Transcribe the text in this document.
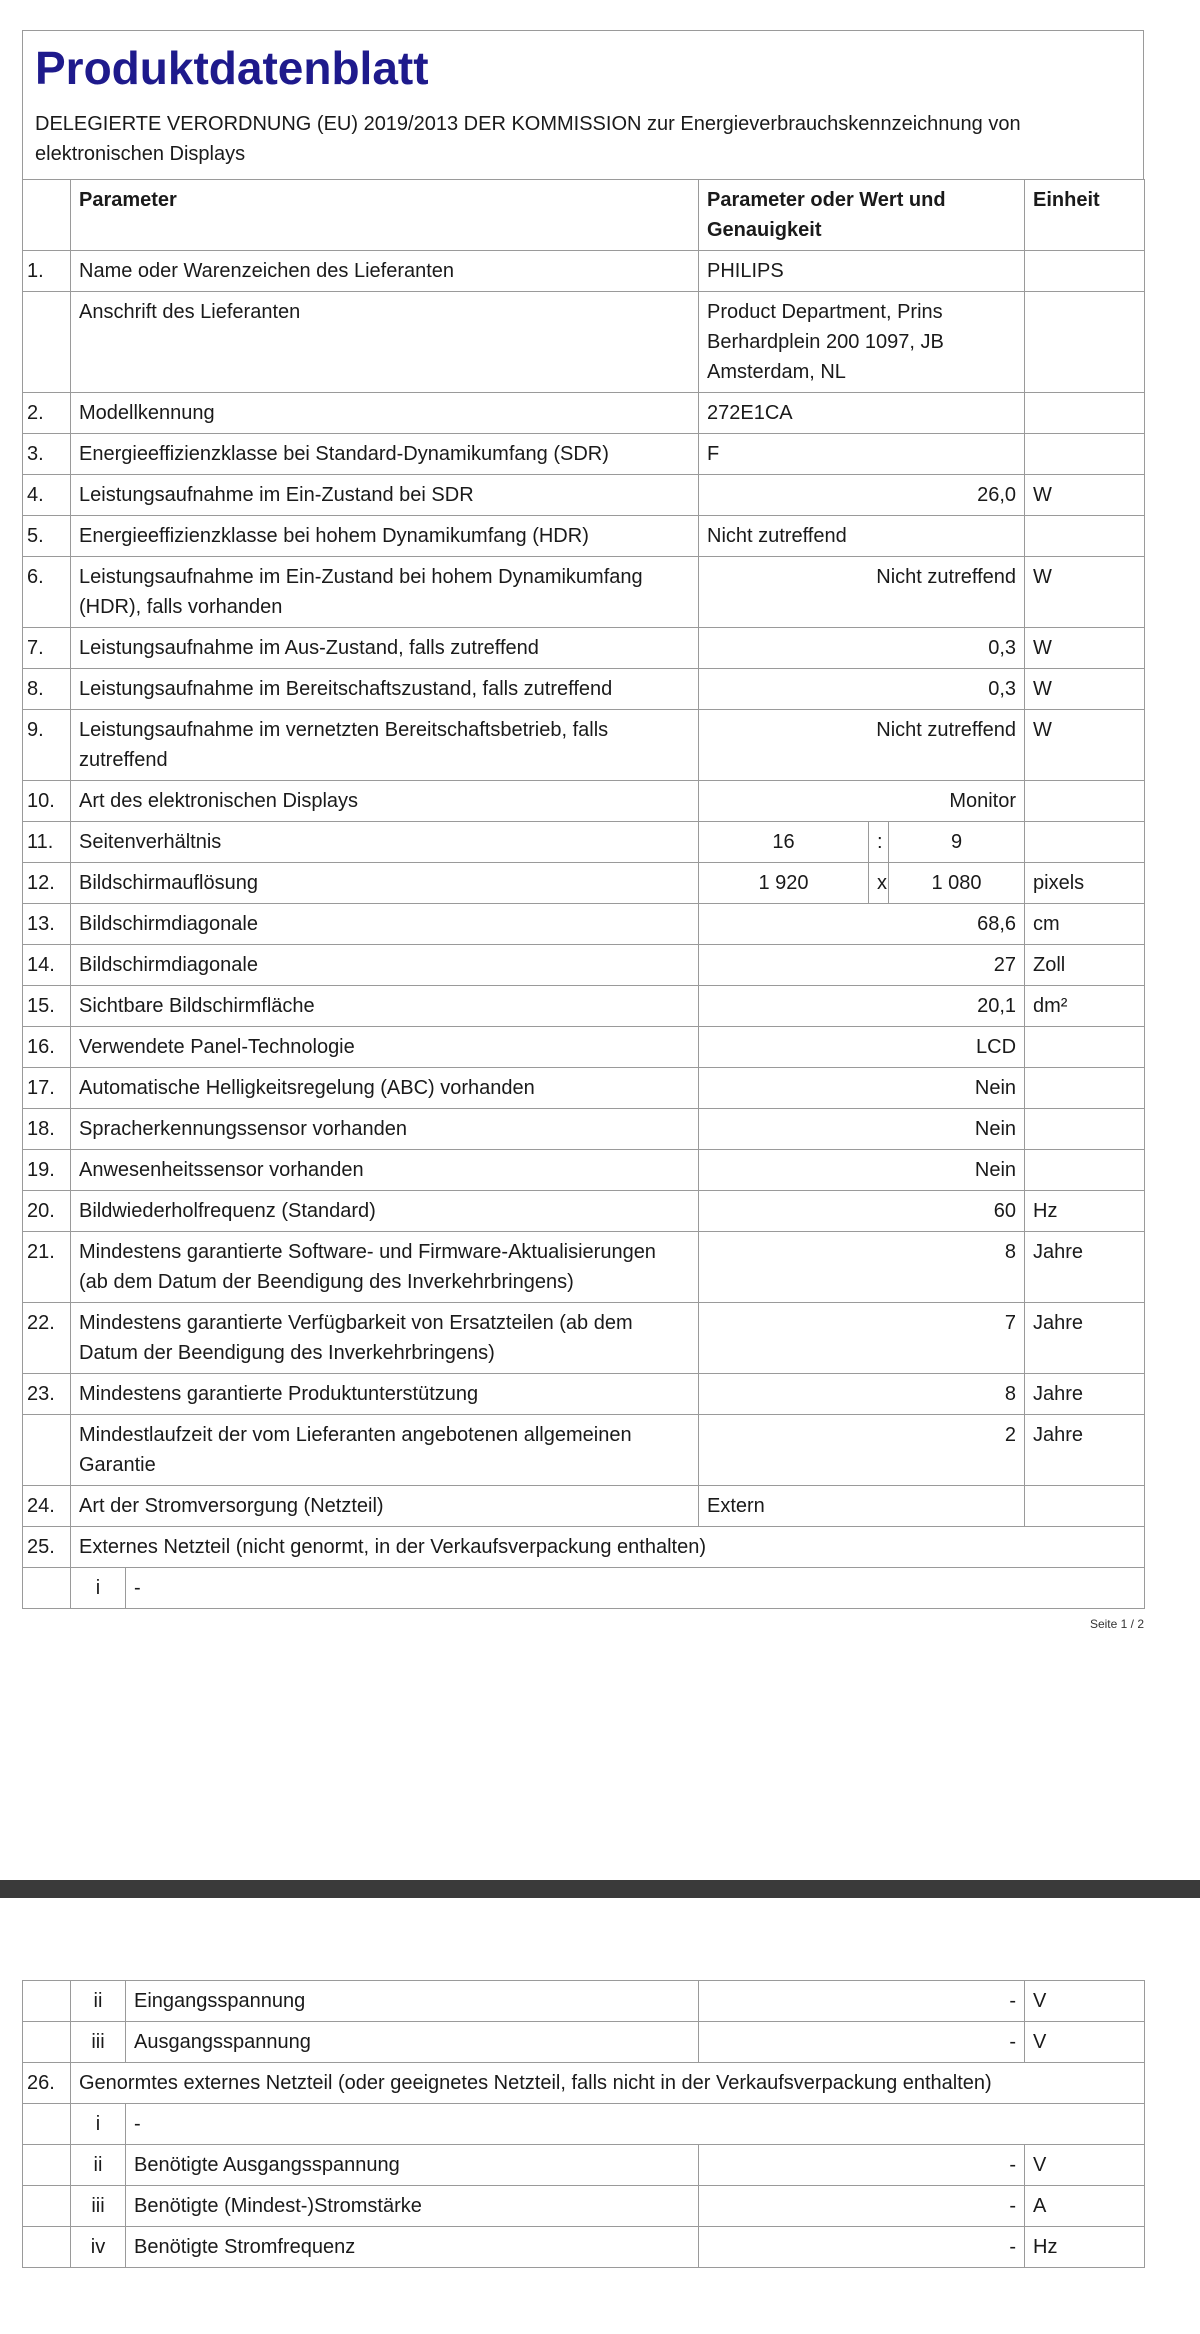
Produktdatenblatt
DELEGIERTE VERORDNUNG (EU) 2019/2013 DER KOMMISSION zur Energieverbrauchskennzeichnung von elektronischen Displays
	Parameter		Parameter oder Wert und Genauigkeit			Einheit
1.	Name oder Warenzeichen des Lieferanten		PHILIPS			
	Anschrift des Lieferanten		Product Department, Prins Berhardplein 200 1097, JB Amsterdam, NL			
2.	Modellkennung		272E1CA			
3.	Energieeffizienzklasse bei Standard-Dynamikumfang (SDR)		F			
4.	Leistungsaufnahme im Ein-Zustand bei SDR		26,0			W
5.	Energieeffizienzklasse bei hohem Dynamikumfang (HDR)		Nicht zutreffend			
6.	Leistungsaufnahme im Ein-Zustand bei hohem Dynamikumfang (HDR), falls vorhanden		Nicht zutreffend			W
7.	Leistungsaufnahme im Aus-Zustand, falls zutreffend		0,3			W
8.	Leistungsaufnahme im Bereitschaftszustand, falls zutreffend		0,3			W
9.	Leistungsaufnahme im vernetzten Bereitschaftsbetrieb, falls zutreffend		Nicht zutreffend			W
10.	Art des elektronischen Displays		Monitor			
11.	Seitenverhältnis		16	:	9	
12.	Bildschirmauflösung		1 920	x	1 080	pixels
13.	Bildschirmdiagonale		68,6			cm
14.	Bildschirmdiagonale		27			Zoll
15.	Sichtbare Bildschirmfläche		20,1			dm²
16.	Verwendete Panel-Technologie		LCD			
17.	Automatische Helligkeitsregelung (ABC) vorhanden		Nein			
18.	Spracherkennungssensor vorhanden		Nein			
19.	Anwesenheitssensor vorhanden		Nein			
20.	Bildwiederholfrequenz (Standard)		60			Hz
21.	Mindestens garantierte Software- und Firmware-Aktualisierungen (ab dem Datum der Beendigung des Inverkehrbringens)		8			Jahre
22.	Mindestens garantierte Verfügbarkeit von Ersatzteilen (ab dem Datum der Beendigung des Inverkehrbringens)		7			Jahre
23.	Mindestens garantierte Produktunterstützung		8			Jahre
	Mindestlaufzeit der vom Lieferanten angebotenen allgemeinen Garantie		2			Jahre
24.	Art der Stromversorgung (Netzteil)		Extern			
25.	Externes Netzteil (nicht genormt, in der Verkaufsverpackung enthalten)					
	i	-				
Seite 1 / 2
	ii	Eingangsspannung	-	V
	iii	Ausgangsspannung	-	V
26.	Genormtes externes Netzteil (oder geeignetes Netzteil, falls nicht in der Verkaufsverpackung enthalten)			
	i	-		
	ii	Benötigte Ausgangsspannung	-	V
	iii	Benötigte (Mindest-)Stromstärke	-	A
	iv	Benötigte Stromfrequenz	-	Hz
